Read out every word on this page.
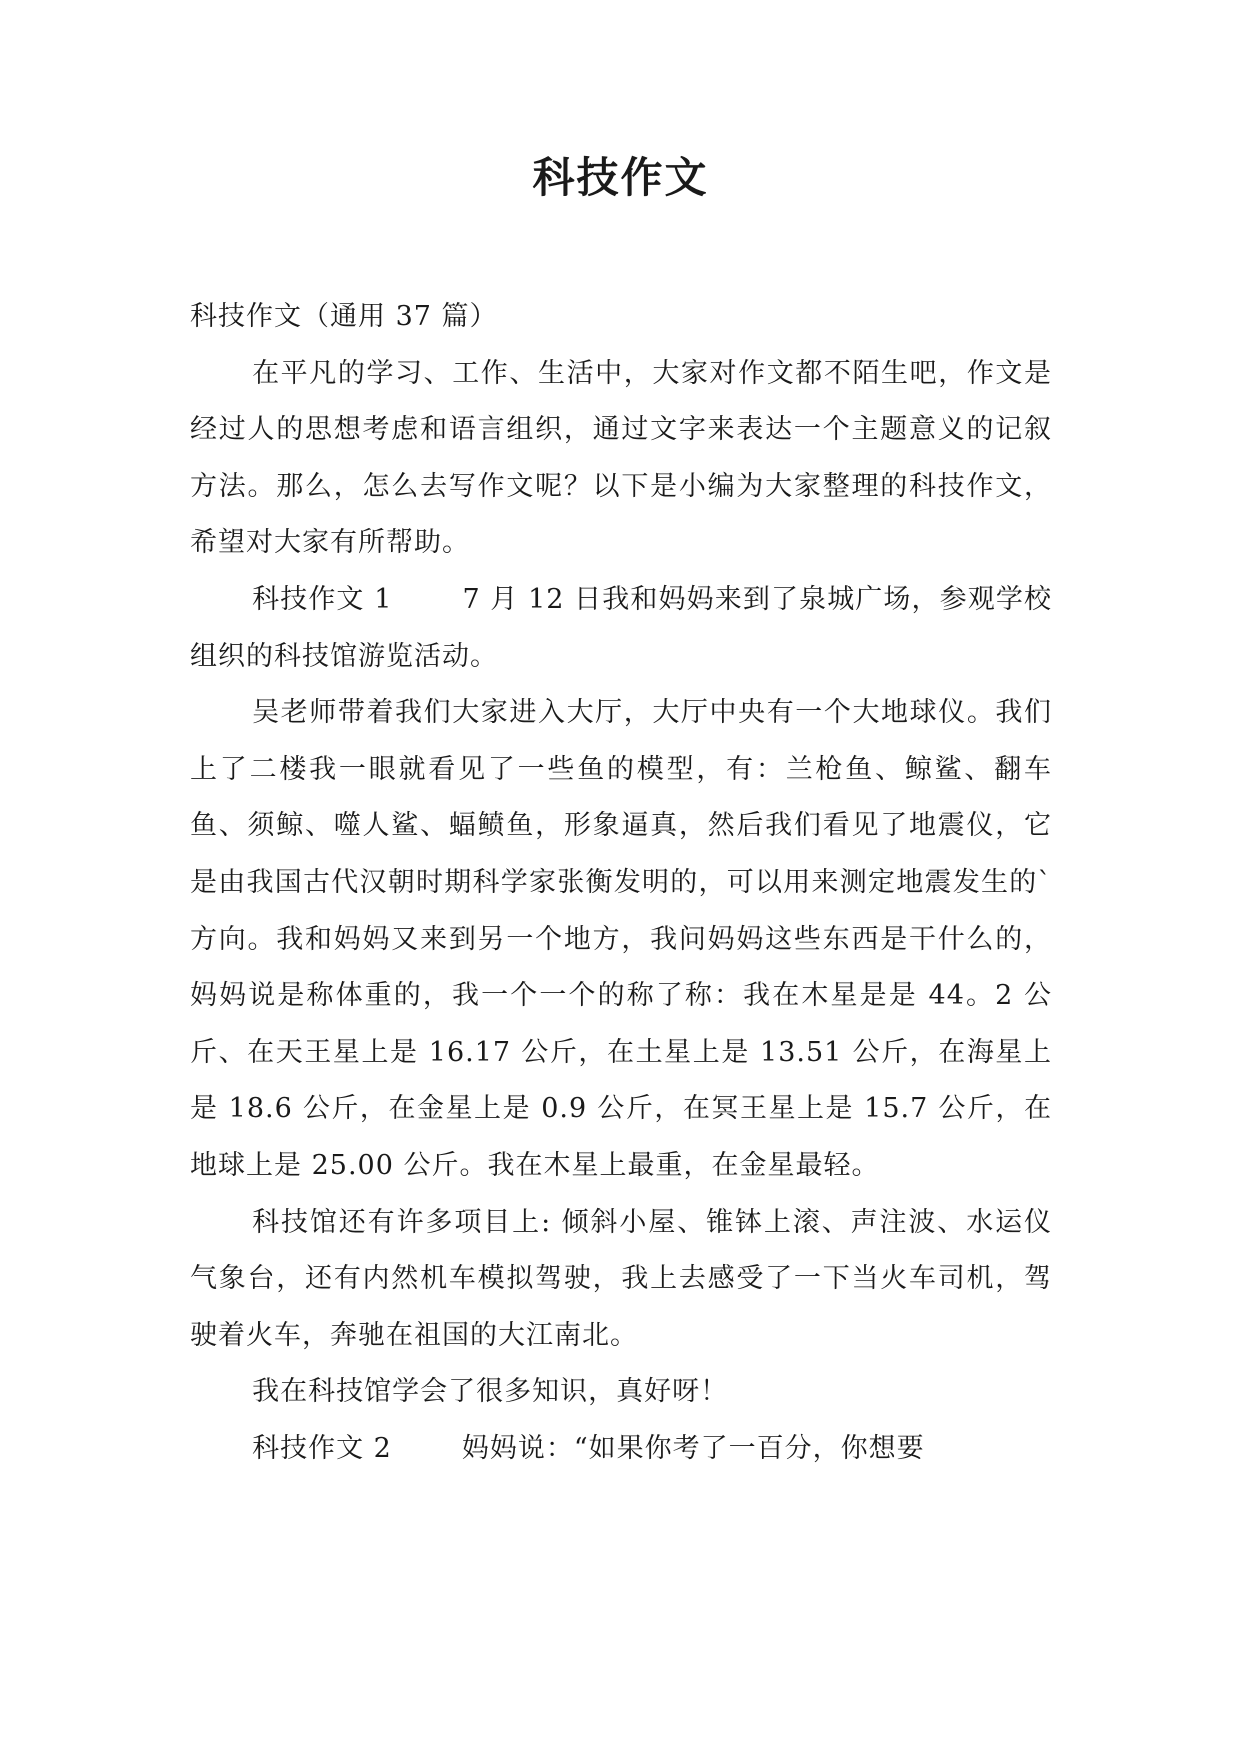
科技作文

科技作文（通用 37 篇）

在平凡的学习、工作、生活中，大家对作文都不陌生吧，作文是经过人的思想考虑和语言组织，通过文字来表达一个主题意义的记叙方法。那么，怎么去写作文呢？以下是小编为大家整理的科技作文，希望对大家有所帮助。

科技作文 1	7 月 12 日我和妈妈来到了泉城广场，参观学校组织的科技馆游览活动。

吴老师带着我们大家进入大厅，大厅中央有一个大地球仪。我们上了二楼我一眼就看见了一些鱼的模型，有：兰枪鱼、鲸鲨、翻车鱼、须鲸、噬人鲨、蝠鲼鱼，形象逼真，然后我们看见了地震仪，它是由我国古代汉朝时期科学家张衡发明的，可以用来测定地震发生的`方向。我和妈妈又来到另一个地方，我问妈妈这些东西是干什么的，妈妈说是称体重的，我一个一个的称了称：我在木星是是 44。2 公斤、在天王星上是 16.17 公斤，在土星上是 13.51 公斤，在海星上是 18.6 公斤，在金星上是 0.9 公斤，在冥王星上是 15.7 公斤，在地球上是 25.00 公斤。我在木星上最重，在金星最轻。

科技馆还有许多项目上: 倾斜小屋、锥钵上滚、声注波、水运仪气象台，还有内然机车模拟驾驶，我上去感受了一下当火车司机，驾驶着火车，奔驰在祖国的大江南北。

我在科技馆学会了很多知识，真好呀！

科技作文 2	妈妈说：“如果你考了一百分，你想要
